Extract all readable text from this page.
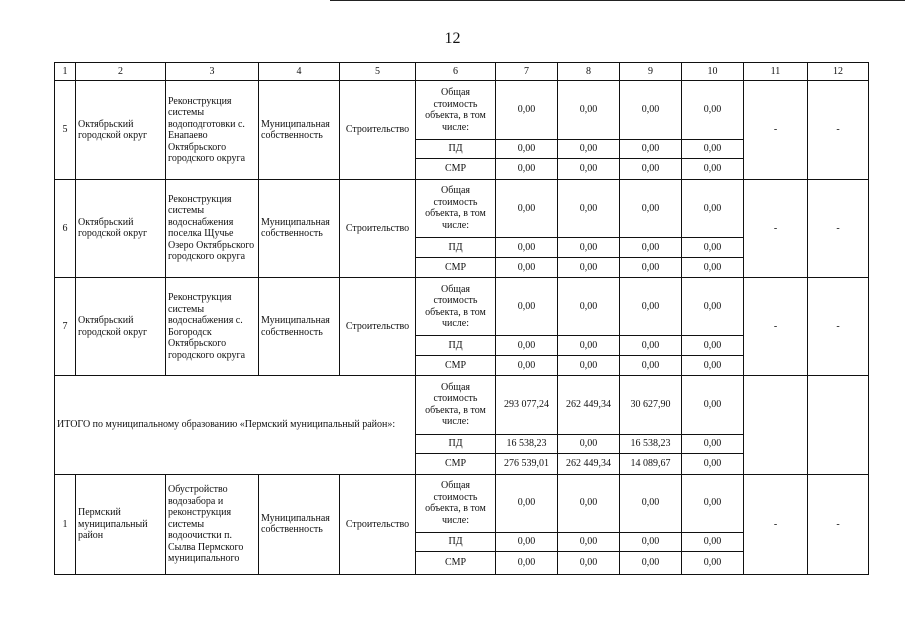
12
1	2	3	4	5	6	7	8	9	10	11	12
5	Октябрьский городской округ	Реконструкция системы водоподготовки с. Енапаево Октябрьского городского округа	Муниципальная собственность	Строительство	Общая стоимость объекта, в том числе:	0,00	0,00	0,00	0,00	-	-
					ПД	0,00	0,00	0,00	0,00		
					СМР	0,00	0,00	0,00	0,00		
6	Октябрьский городской округ	Реконструкция системы водоснабжения поселка Щучье Озеро Октябрьского городского округа	Муниципальная собственность	Строительство	Общая стоимость объекта, в том числе:	0,00	0,00	0,00	0,00	-	-
					ПД	0,00	0,00	0,00	0,00		
					СМР	0,00	0,00	0,00	0,00		
7	Октябрьский городской округ	Реконструкция системы водоснабжения с. Богородск Октябрьского городского округа	Муниципальная собственность	Строительство	Общая стоимость объекта, в том числе:	0,00	0,00	0,00	0,00	-	-
					ПД	0,00	0,00	0,00	0,00		
					СМР	0,00	0,00	0,00	0,00		
ИТОГО по муниципальному образованию «Пермский муниципальный район»:					Общая стоимость объекта, в том числе:	293 077,24	262 449,34	30 627,90	0,00		
					ПД	16 538,23	0,00	16 538,23	0,00		
					СМР	276 539,01	262 449,34	14 089,67	0,00		
1	Пермский муниципальный район	Обустройство водозабора и реконструкция системы водоочистки п. Сылва Пермского муниципального	Муниципальная собственность	Строительство	Общая стоимость объекта, в том числе:	0,00	0,00	0,00	0,00	-	-
					ПД	0,00	0,00	0,00	0,00		
					СМР	0,00	0,00	0,00	0,00		
